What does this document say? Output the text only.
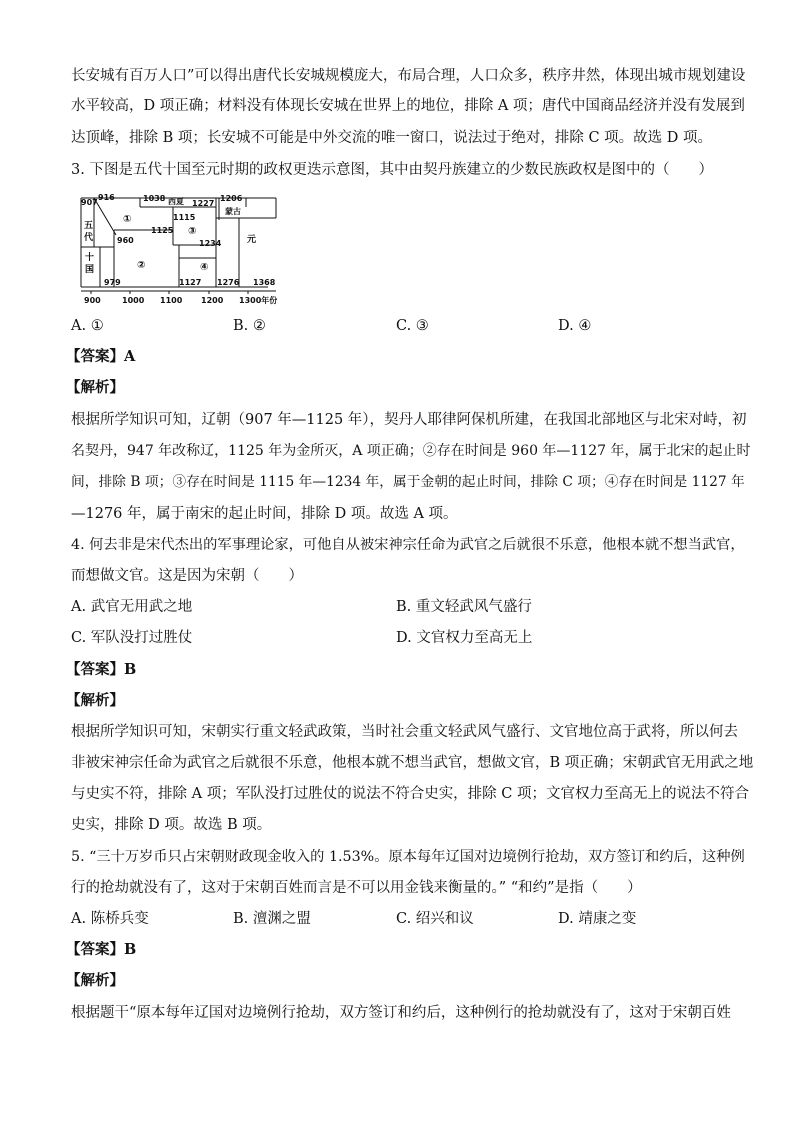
长安城有百万人口”可以得出唐代长安城规模庞大，布局合理，人口众多，秩序井然，体现出城市规划建设
水平较高，D 项正确；材料没有体现长安城在世界上的地位，排除 A 项；唐代中国商品经济并没有发展到
达顶峰，排除 B 项；长安城不可能是中外交流的唯一窗口，说法过于绝对，排除 C 项。故选 D 项。
3. 下图是五代十国至元时期的政权更迭示意图，其中由契丹族建立的少数民族政权是图中的（　　）
907
916	1038 西夏 1227
1206
蒙古
①	1115
③
五
代
1125
元
960	1234
十
国	②	④
979	1127 1276 1368
900	1000 1100 1200 1300年份
A. ①	B. ②	C. ③	D. ④
【答案】A
【解析】
根据所学知识可知，辽朝（907 年—1125 年），契丹人耶律阿保机所建，在我国北部地区与北宋对峙，初
名契丹，947 年改称辽，1125 年为金所灭，A 项正确；②存在时间是 960 年—1127 年，属于北宋的起止时
间，排除 B 项；③存在时间是 1115 年—1234 年，属于金朝的起止时间，排除 C 项；④存在时间是 1127 年
—1276 年，属于南宋的起止时间，排除 D 项。故选 A 项。
4. 何去非是宋代杰出的军事理论家，可他自从被宋神宗任命为武官之后就很不乐意，他根本就不想当武官，
而想做文官。这是因为宋朝（　　）
A. 武官无用武之地	B. 重文轻武风气盛行
C. 军队没打过胜仗	D. 文官权力至高无上
【答案】B
【解析】
根据所学知识可知，宋朝实行重文轻武政策，当时社会重文轻武风气盛行、文官地位高于武将，所以何去
非被宋神宗任命为武官之后就很不乐意，他根本就不想当武官，想做文官，B 项正确；宋朝武官无用武之地
与史实不符，排除 A 项；军队没打过胜仗的说法不符合史实，排除 C 项；文官权力至高无上的说法不符合
史实，排除 D 项。故选 B 项。
5. “三十万岁币只占宋朝财政现金收入的 1.53%。原本每年辽国对边境例行抢劫，双方签订和约后，这种例
行的抢劫就没有了，这对于宋朝百姓而言是不可以用金钱来衡量的。” “和约”是指（　　）
A. 陈桥兵变	B. 澶渊之盟	C. 绍兴和议	D. 靖康之变
【答案】B
【解析】
根据题干“原本每年辽国对边境例行抢劫，双方签订和约后，这种例行的抢劫就没有了，这对于宋朝百姓
